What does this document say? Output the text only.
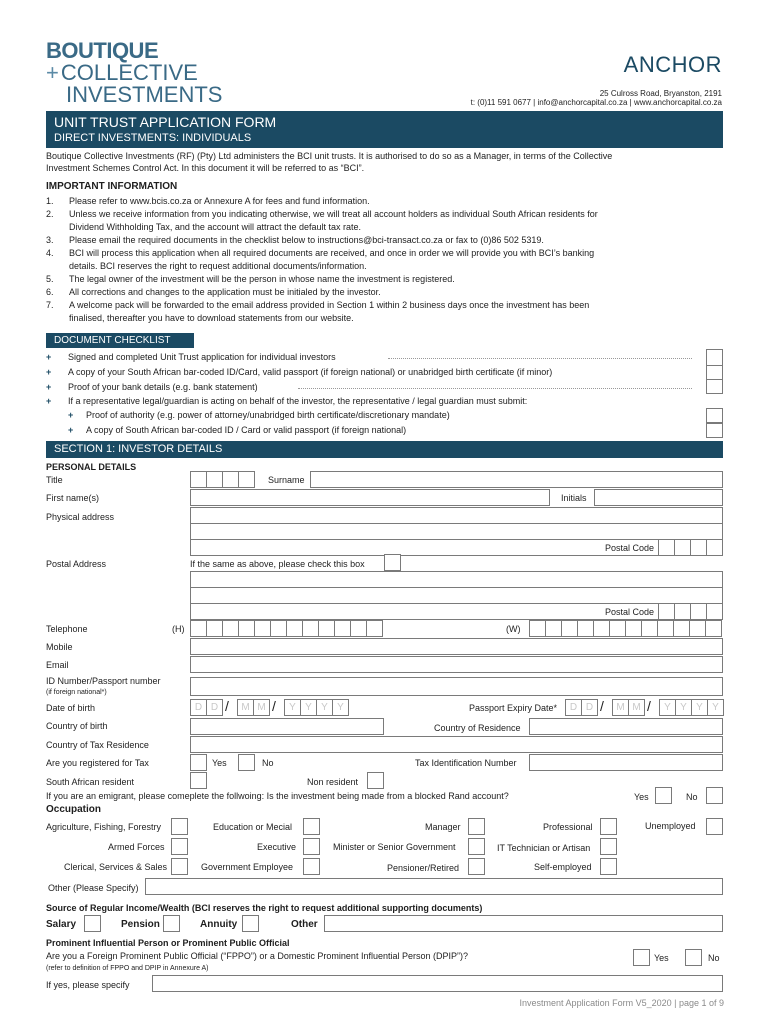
BOUTIQUE
+ COLLECTIVE
INVESTMENTS
ANCHOR
25 Culross Road, Bryanston, 2191
t: (0)11 591 0677 | info@anchorcapital.co.za | www.anchorcapital.co.za
UNIT TRUST APPLICATION FORM
DIRECT INVESTMENTS: INDIVIDUALS
Boutique Collective Investments (RF) (Pty) Ltd administers the BCI unit trusts. It is authorised to do so as a Manager, in terms of the Collective
Investment Schemes Control Act. In this document it will be referred to as “BCI”.
IMPORTANT INFORMATION
1. Please refer to www.bcis.co.za or Annexure A for fees and fund information.
2. Unless we receive information from you indicating otherwise, we will treat all account holders as individual South African residents for
Dividend Withholding Tax, and the account will attract the default tax rate.
3. Please email the required documents in the checklist below to instructions@bci-transact.co.za or fax to (0)86 502 5319.
4. BCI will process this application when all required documents are received, and once in order we will provide you with BCI’s banking
details. BCI reserves the right to request additional documents/information.
5. The legal owner of the investment will be the person in whose name the investment is registered.
6. All corrections and changes to the application must be initialed by the investor.
7. A welcome pack will be forwarded to the email address provided in Section 1 within 2 business days once the investment has been
finalised, thereafter you have to download statements from our website.
DOCUMENT CHECKLIST
+ Signed and completed Unit Trust application for individual investors
+ A copy of your South African bar-coded ID/Card, valid passport (if foreign national) or unabridged birth certificate (if minor)
+ Proof of your bank details (e.g. bank statement)
+ If a representative legal/guardian is acting on behalf of the investor, the representative / legal guardian must submit:
+ Proof of authority (e.g. power of attorney/unabridged birth certificate/discretionary mandate)
+ A copy of South African bar-coded ID / Card or valid passport (if foreign national)
SECTION 1: INVESTOR DETAILS
PERSONAL DETAILS
Title	Surname
First name(s)	Initials
Physical address
Postal Code
Postal Address	If the same as above, please check this box
Postal Code
Telephone	(H)	(W)
Mobile
Email
ID Number/Passport number
(if foreign national*)
Date of birth	D D /	M M /	Y Y Y Y	Passport Expiry Date*	D D /	M M /	Y Y Y Y
Country of birth	Country of Residence
Country of Tax Residence
Are you registered for Tax	Yes	No	Tax Identification Number
South African resident	Non resident
If you are an emigrant, please comeplete the follwoing: Is the investment being made from a blocked Rand account?	Yes	No
Occupation
Agriculture, Fishing, Forestry	Education or Mecial	Manager	Professional	Unemployed
Armed Forces	Executive	Minister or Senior Government	IT Technician or Artisan
Clerical, Services & Sales	Government Employee	Pensioner/Retired	Self-employed
Other (Please Specify)
Source of Regular Income/Wealth (BCI reserves the right to request additional supporting documents)
Salary	Pension	Annuity	Other
Prominent Influential Person or Prominent Public Official
Are you a Foreign Prominent Public Official (“FPPO”) or a Domestic Prominent Influential Person (DPIP”)?
(refer to definition of FPPO and DPIP in Annexure A)
Yes	No
If yes, please specify
Investment Application Form V5_2020 | page 1 of 9
